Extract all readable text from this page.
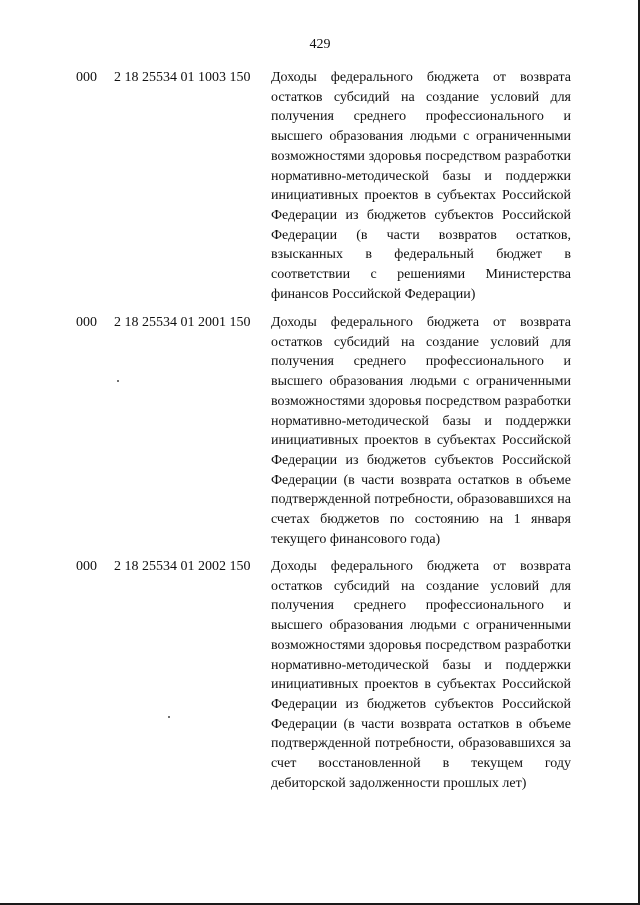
429
000 2 18 25534 01 1003 150 Доходы федерального бюджета от возврата остатков субсидий на создание условий для получения среднего профессионального и высшего образования людьми с ограниченными возможностями здоровья посредством разработки нормативно-методической базы и поддержки инициативных проектов в субъектах Российской Федерации из бюджетов субъектов Российской Федерации (в части возвратов остатков, взысканных в федеральный бюджет в соответствии с решениями Министерства финансов Российской Федерации)
000 2 18 25534 01 2001 150 Доходы федерального бюджета от возврата остатков субсидий на создание условий для получения среднего профессионального и высшего образования людьми с ограниченными возможностями здоровья посредством разработки нормативно-методической базы и поддержки инициативных проектов в субъектах Российской Федерации из бюджетов субъектов Российской Федерации (в части возврата остатков в объеме подтвержденной потребности, образовавшихся на счетах бюджетов по состоянию на 1 января текущего финансового года)
000 2 18 25534 01 2002 150 Доходы федерального бюджета от возврата остатков субсидий на создание условий для получения среднего профессионального и высшего образования людьми с ограниченными возможностями здоровья посредством разработки нормативно-методической базы и поддержки инициативных проектов в субъектах Российской Федерации из бюджетов субъектов Российской Федерации (в части возврата остатков в объеме подтвержденной потребности, образовавшихся за счет восстановленной в текущем году дебиторской задолженности прошлых лет)
